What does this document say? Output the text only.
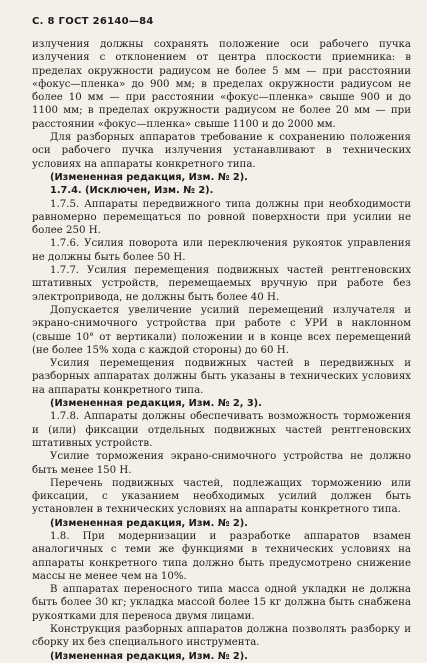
С. 8 ГОСТ 26140—84

излучения должны сохранять положение оси рабочего пучка излучения с отклонением от центра плоскости приемника: в пределах окружности радиусом не более 5 мм — при расстоянии «фокус—пленка» до 900 мм; в пределах окружности радиусом не более 10 мм — при расстоянии «фокус—пленка» свыше 900 и до 1100 мм; в пределах окружности радиусом не более 20 мм — при расстоянии «фокус—пленка» свыше 1100 и до 2000 мм.

Для разборных аппаратов требование к сохранению положения оси рабочего пучка излучения устанавливают в технических условиях на аппараты конкретного типа.

(Измененная редакция, Изм. № 2).

1.7.4. (Исключен, Изм. № 2).

1.7.5. Аппараты передвижного типа должны при необходимости равномерно перемещаться по ровной поверхности при усилии не более 250 Н.

1.7.6. Усилия поворота или переключения рукояток управления не должны быть более 50 Н.

1.7.7. Усилия перемещения подвижных частей рентгеновских штативных устройств, перемещаемых вручную при работе без электропривода, не должны быть более 40 Н.

Допускается увеличение усилий перемещений излучателя и экрано-снимочного устройства при работе с УРИ в наклонном (свыше 10° от вертикали) положении и в конце всех перемещений (не более 15% хода с каждой стороны) до 60 Н.

Усилия перемещения подвижных частей в передвижных и разборных аппаратах должны быть указаны в технических условиях на аппараты конкретного типа.

(Измененная редакция, Изм. № 2, 3).

1.7.8. Аппараты должны обеспечивать возможность торможения и (или) фиксации отдельных подвижных частей рентгеновских штативных устройств.

Усилие торможения экрано-снимочного устройства не должно быть менее 150 Н.

Перечень подвижных частей, подлежащих торможению или фиксации, с указанием необходимых усилий должен быть установлен в технических условиях на аппараты конкретного типа.

(Измененная редакция, Изм. № 2).

1.8. При модернизации и разработке аппаратов взамен аналогичных с теми же функциями в технических условиях на аппараты конкретного типа должно быть предусмотрено снижение массы не менее чем на 10%.

В аппаратах переносного типа масса одной укладки не должна быть более 30 кг; укладка массой более 15 кг должна быть снабжена рукоятками для переноса двумя лицами.

Конструкция разборных аппаратов должна позволять разборку и сборку их без специального инструмента.

(Измененная редакция, Изм. № 2).
